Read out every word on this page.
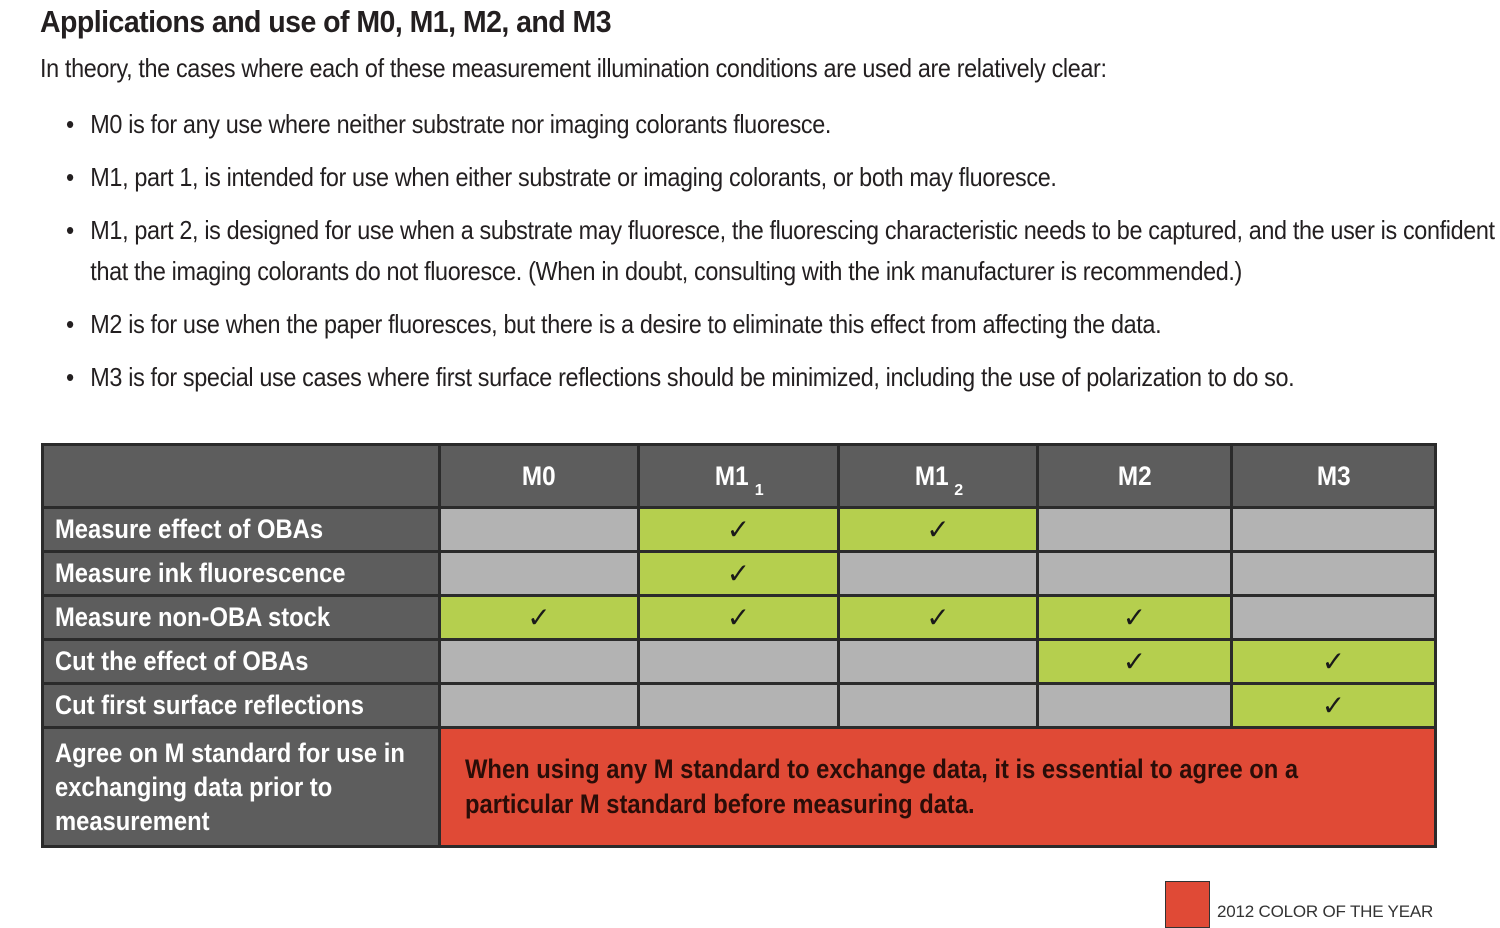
Applications and use of M0, M1, M2, and M3
In theory, the cases where each of these measurement illumination conditions are used are relatively clear:
• M0 is for any use where neither substrate nor imaging colorants fluoresce.
• M1, part 1, is intended for use when either substrate or imaging colorants, or both may fluoresce.
• M1, part 2, is designed for use when a substrate may fluoresce, the fluorescing characteristic needs to be captured, and the user is confident that the imaging colorants do not fluoresce. (When in doubt, consulting with the ink manufacturer is recommended.)
• M2 is for use when the paper fluoresces, but there is a desire to eliminate this effect from affecting the data.
• M3 is for special use cases where first surface reflections should be minimized, including the use of polarization to do so.
	M0	M1 $_1$	M1 $_2$	M2	M3
Measure effect of OBAs		✓	✓		
Measure ink fluorescence		✓			
Measure non-OBA stock	✓	✓	✓	✓	
Cut the effect of OBAs				✓	✓
Cut first surface reflections					✓

Agree on M standard for use in exchanging data prior to measurement	When using any M standard to exchange data, it is essential to agree on a particular M standard before measuring data.				
2012 COLOR OF THE YEAR
